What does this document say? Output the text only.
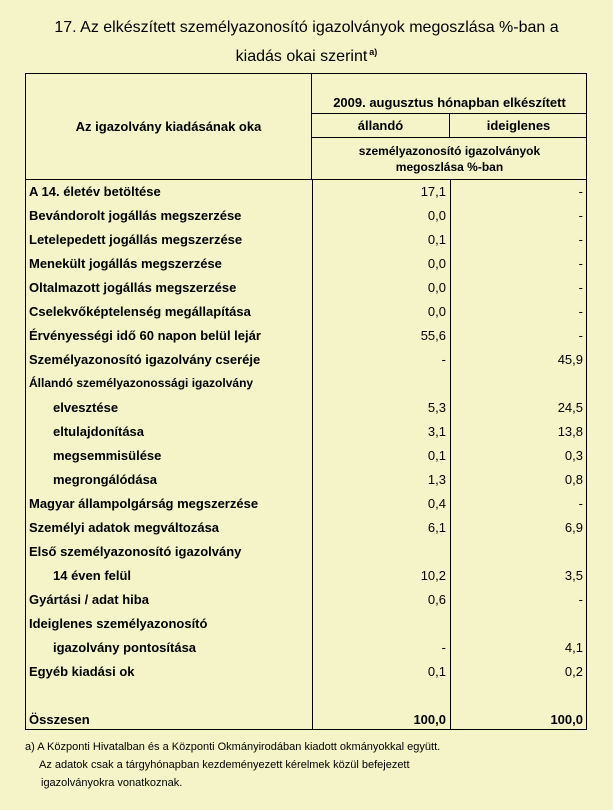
17. Az elkészített személyazonosító igazolványok megoszlása %-ban a
kiadás okai szerint $^{a)}$
Az igazolvány kiadásának oka
2009. augusztus hónapban elkészített
állandó	ideiglenes
személyazonosító igazolványok
megoszlása %-ban
A 14. életév betöltése	17,1	-
Bevándorolt jogállás megszerzése	0,0	-
Letelepedett jogállás megszerzése	0,1	-
Menekült jogállás megszerzése	0,0	-
Oltalmazott jogállás megszerzése	0,0	-
Cselekvőképtelenség megállapítása	0,0	-
Érvényességi idő 60 napon belül lejár	55,6	-
Személyazonosító igazolvány cseréje	-	45,9
Állandó személyazonossági igazolvány
elvesztése	5,3	24,5
eltulajdonítása	3,1	13,8
megsemmisülése	0,1	0,3
megrongálódása	1,3	0,8
Magyar állampolgárság megszerzése	0,4	-
Személyi adatok megváltozása	6,1	6,9
Első személyazonosító igazolvány
14 éven felül	10,2	3,5
Gyártási / adat hiba	0,6	-
Ideiglenes személyazonosító
igazolvány pontosítása	-	4,1
Egyéb kiadási ok	0,1	0,2
Összesen	100,0	100,0
a) A Központi Hivatalban és a Központi Okmányirodában kiadott okmányokkal együtt.
Az adatok csak a tárgyhónapban kezdeményezett kérelmek közül befejezett
igazolványokra vonatkoznak.
